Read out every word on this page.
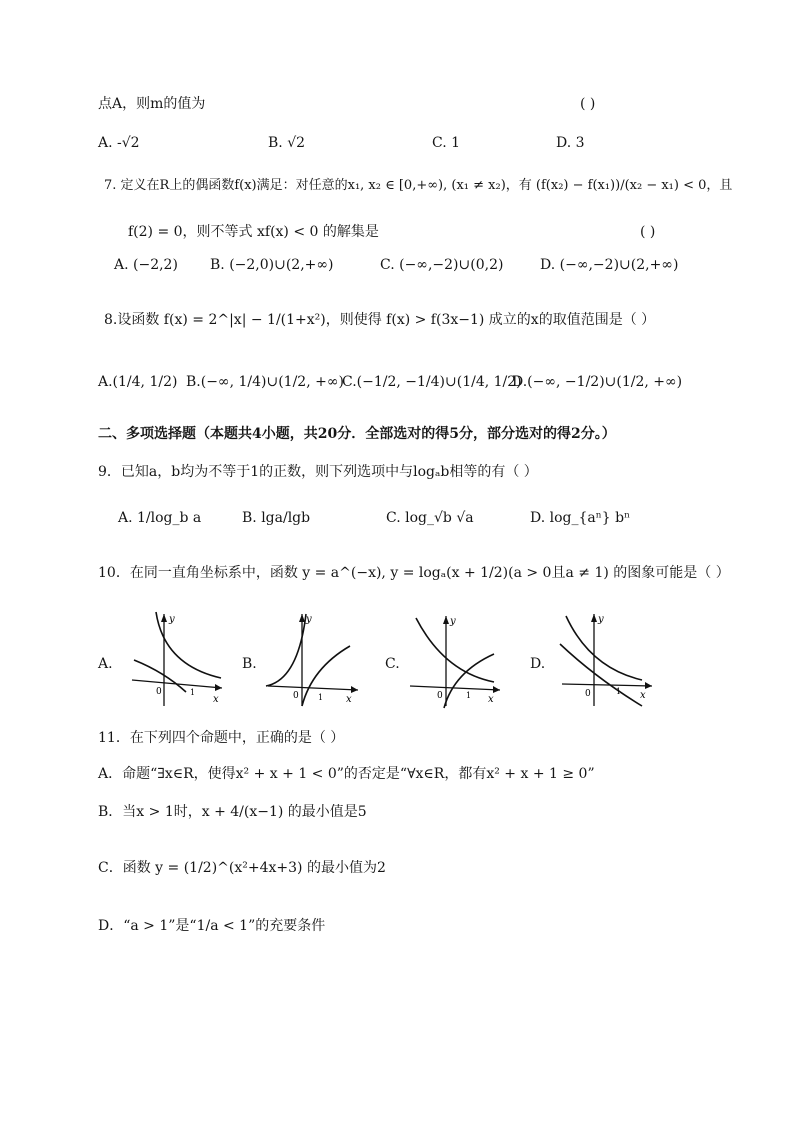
点A，则m的值为	( )
A. -√2	B. √2	C. 1	D. 3
7. 定义在R上的偶函数f(x)满足：对任意的x₁, x₂ ∈ [0,+∞), (x₁ ≠ x₂)，有 (f(x₂) − f(x₁))/(x₂ − x₁) < 0，且
f(2) = 0，则不等式 xf(x) < 0 的解集是	( )
A. (−2,2) B. (−2,0)∪(2,+∞)	C. (−∞,−2)∪(0,2)	D. (−∞,−2)∪(2,+∞)
8.设函数 f(x) = 2^|x| − 1/(1+x²)，则使得 f(x) > f(3x−1) 成立的x的取值范围是（ ）
A.(1/4, 1/2) B.(−∞, 1/4)∪(1/2, +∞)
C.(−1/2, −1/4)∪(1/4, 1/2)
D.(−∞, −1/2)∪(1/2, +∞)
二、多项选择题（本题共4小题，共20分．全部选对的得5分，部分选对的得2分。）
9．已知a，b均为不等于1的正数，则下列选项中与logₐb相等的有（ ）
A. 1/log_b a	B. lga/lgb	C. log_√b √a	D. log_{aⁿ} bⁿ
10．在同一直角坐标系中，函数 y = a^(−x), y = logₐ(x + 1/2)(a > 0且a ≠ 1) 的图象可能是（ ）
A.
y
x
0	1
B.
y
x
0 1
C.
y
x
0	1
D.
y
x
0	1
11．在下列四个命题中，正确的是（ ）
A．命题“∃x∈R，使得x² + x + 1 < 0”的否定是“∀x∈R，都有x² + x + 1 ≥ 0”
B．当x > 1时，x + 4/(x−1) 的最小值是5
C．函数 y = (1/2)^(x²+4x+3) 的最小值为2
D．“a > 1”是“1/a < 1”的充要条件
